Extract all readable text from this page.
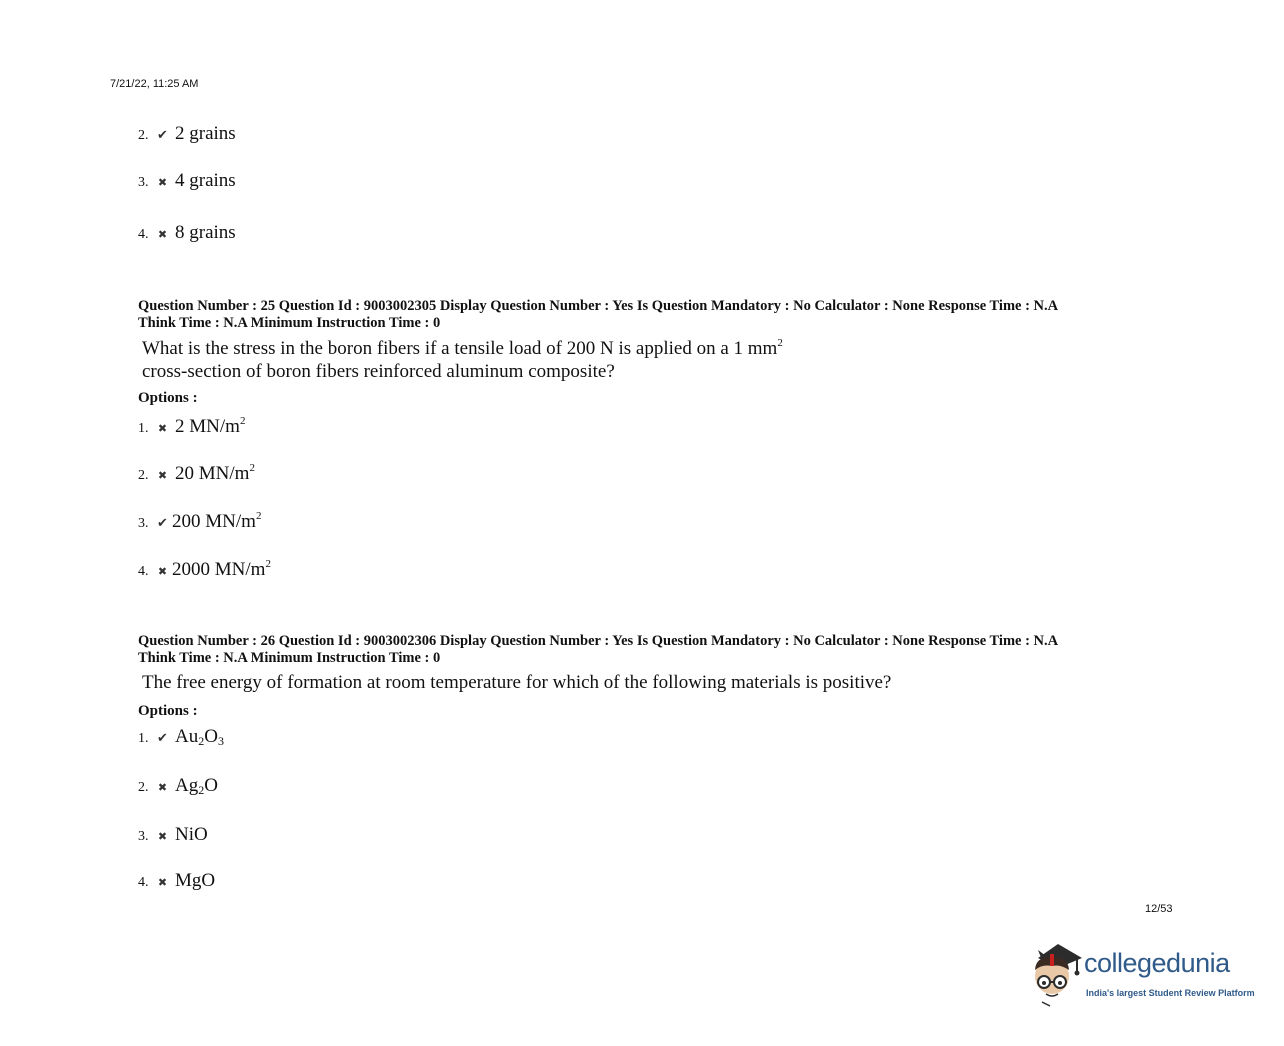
7/21/22, 11:25 AM
2. ✔ 2 grains
3. ✖ 4 grains
4. ✖ 8 grains
Question Number : 25 Question Id : 9003002305 Display Question Number : Yes Is Question Mandatory : No Calculator : None Response Time : N.A
Think Time : N.A Minimum Instruction Time : 0
What is the stress in the boron fibers if a tensile load of 200 N is applied on a 1 $mm^2$
cross-section of boron fibers reinforced aluminum composite?
Options :
1. ✖ 2 $MN/m^2$
2. ✖ 20 $MN/m^2$
3. ✔ 200 $MN/m^2$
4. ✖ 2000 $MN/m^2$
Question Number : 26 Question Id : 9003002306 Display Question Number : Yes Is Question Mandatory : No Calculator : None Response Time : N.A
Think Time : N.A Minimum Instruction Time : 0
The free energy of formation at room temperature for which of the following materials is positive?
Options :
1. ✔ $Au_2O_3$
2. ✖ $Ag_2O$
3. ✖ NiO
4. ✖ MgO
12/53
collegedunia
India's largest Student Review Platform
